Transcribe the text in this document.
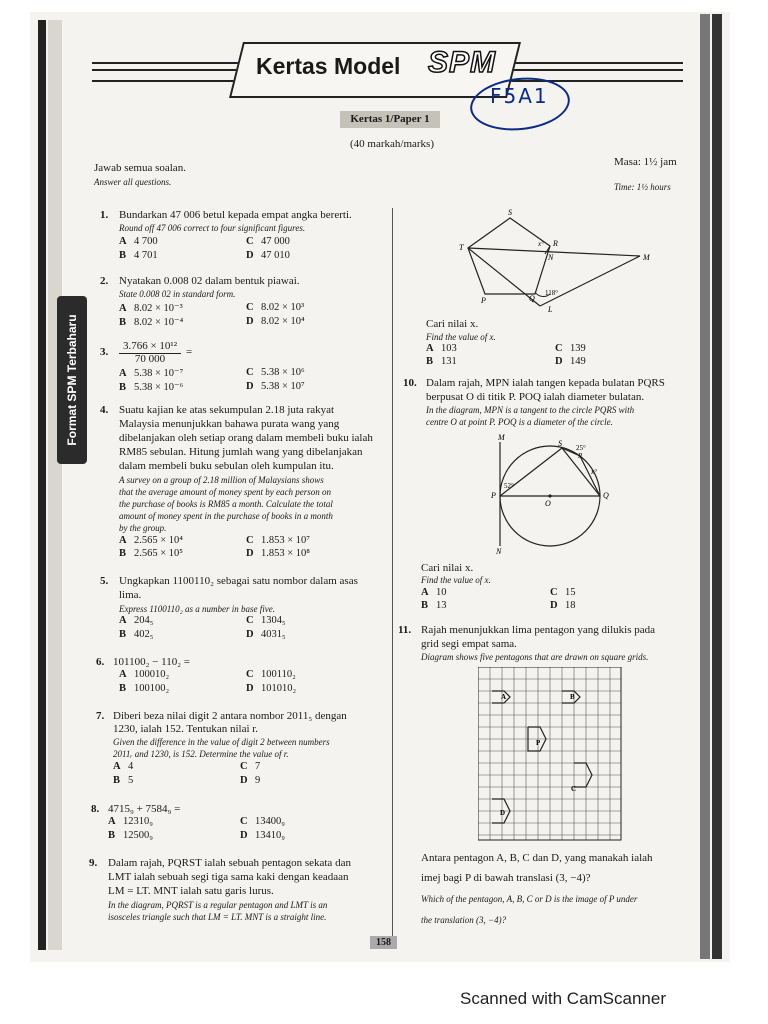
Format SPM Terbaharu
Kertas Model SPM
F5A1
Kertas 1/Paper 1
(40 markah/marks)
Jawab semua soalan.
Answer all questions.
Masa: 1½ jam
Time: 1½ hours
1. Bundarkan 47 006 betul kepada empat angka bererti.
Round off 47 006 correct to four significant figures.
A 4 700
B 4 701
C 47 000
D 47 010
2. Nyatakan 0.008 02 dalam bentuk piawai.
State 0.008 02 in standard form.
A 8.02 × 10⁻³
B 8.02 × 10⁻⁴
C 8.02 × 10³
D 8.02 × 10⁴
3.	3.766 × 10¹²
70 000
=
A 5.38 × 10⁻⁷
B 5.38 × 10⁻⁶
C 5.38 × 10⁶
D 5.38 × 10⁷
4. Suatu kajian ke atas sekumpulan 2.18 juta rakyat
Malaysia menunjukkan bahawa purata wang yang
dibelanjakan oleh setiap orang dalam membeli buku ialah
RM85 sebulan. Hitung jumlah wang yang dibelanjakan
dalam membeli buku sebulan oleh kumpulan itu.
A survey on a group of 2.18 million of Malaysians shows
that the average amount of money spent by each person on
the purchase of books is RM85 a month. Calculate the total
amount of money spent in the purchase of books in a month
by the group.
A 2.565 × 10⁴
B 2.565 × 10⁵
C 1.853 × 10⁷
D 1.853 × 10⁸
5. Ungkapkan 1100110₂ sebagai satu nombor dalam asas
lima.
Express 1100110₂ as a number in base five.
A 204₅
B 402₅
C 1304₅
D 4031₅
6. 101100₂ − 110₂ =
A 100010₂
B 100100₂
C 100110₂
D 101010₂
7. Diberi beza nilai digit 2 antara nombor 2011₅ dengan
1230, ialah 152. Tentukan nilai r.
Given the difference in the value of digit 2 between numbers
2011ᵣ and 1230, is 152. Determine the value of r.
A 4
B 5
C 7
D 9
8. 4715₉ + 7584₉ =
A 12310₉
B 12500₉
C 13400₉
D 13410₉
9. Dalam rajah, PQRST ialah sebuah pentagon sekata dan
LMT ialah sebuah segi tiga sama kaki dengan keadaan
LM = LT. MNT ialah satu garis lurus.
In the diagram, PQRST is a regular pentagon and LMT is an
isosceles triangle such that LM = LT. MNT is a straight line.
S
T	R
N	M
P	Q
L
x°
118°
Cari nilai x.
Find the value of x.
A 103
B 131
C 139
D 149
10. Dalam rajah, MPN ialah tangen kepada bulatan PQRS
berpusat O di titik P. POQ ialah diameter bulatan.
In the diagram, MPN is a tangent to the circle PQRS with
centre O at point P. POQ is a diameter of the circle.
M
N
P
O
Q
S
R
52°
25°
x°
Cari nilai x.
Find the value of x.
A 10
B 13
C 15
D 18
11. Rajah menunjukkan lima pentagon yang dilukis pada
grid segi empat sama.
Diagram shows five pentagons that are drawn on square grids.
A	B
P
C
D
Antara pentagon A, B, C dan D, yang manakah ialah
imej bagi P di bawah translasi (3, −4)?
Which of the pentagon, A, B, C or D is the image of P under
the translation (3, −4)?
158
Scanned with CamScanner
